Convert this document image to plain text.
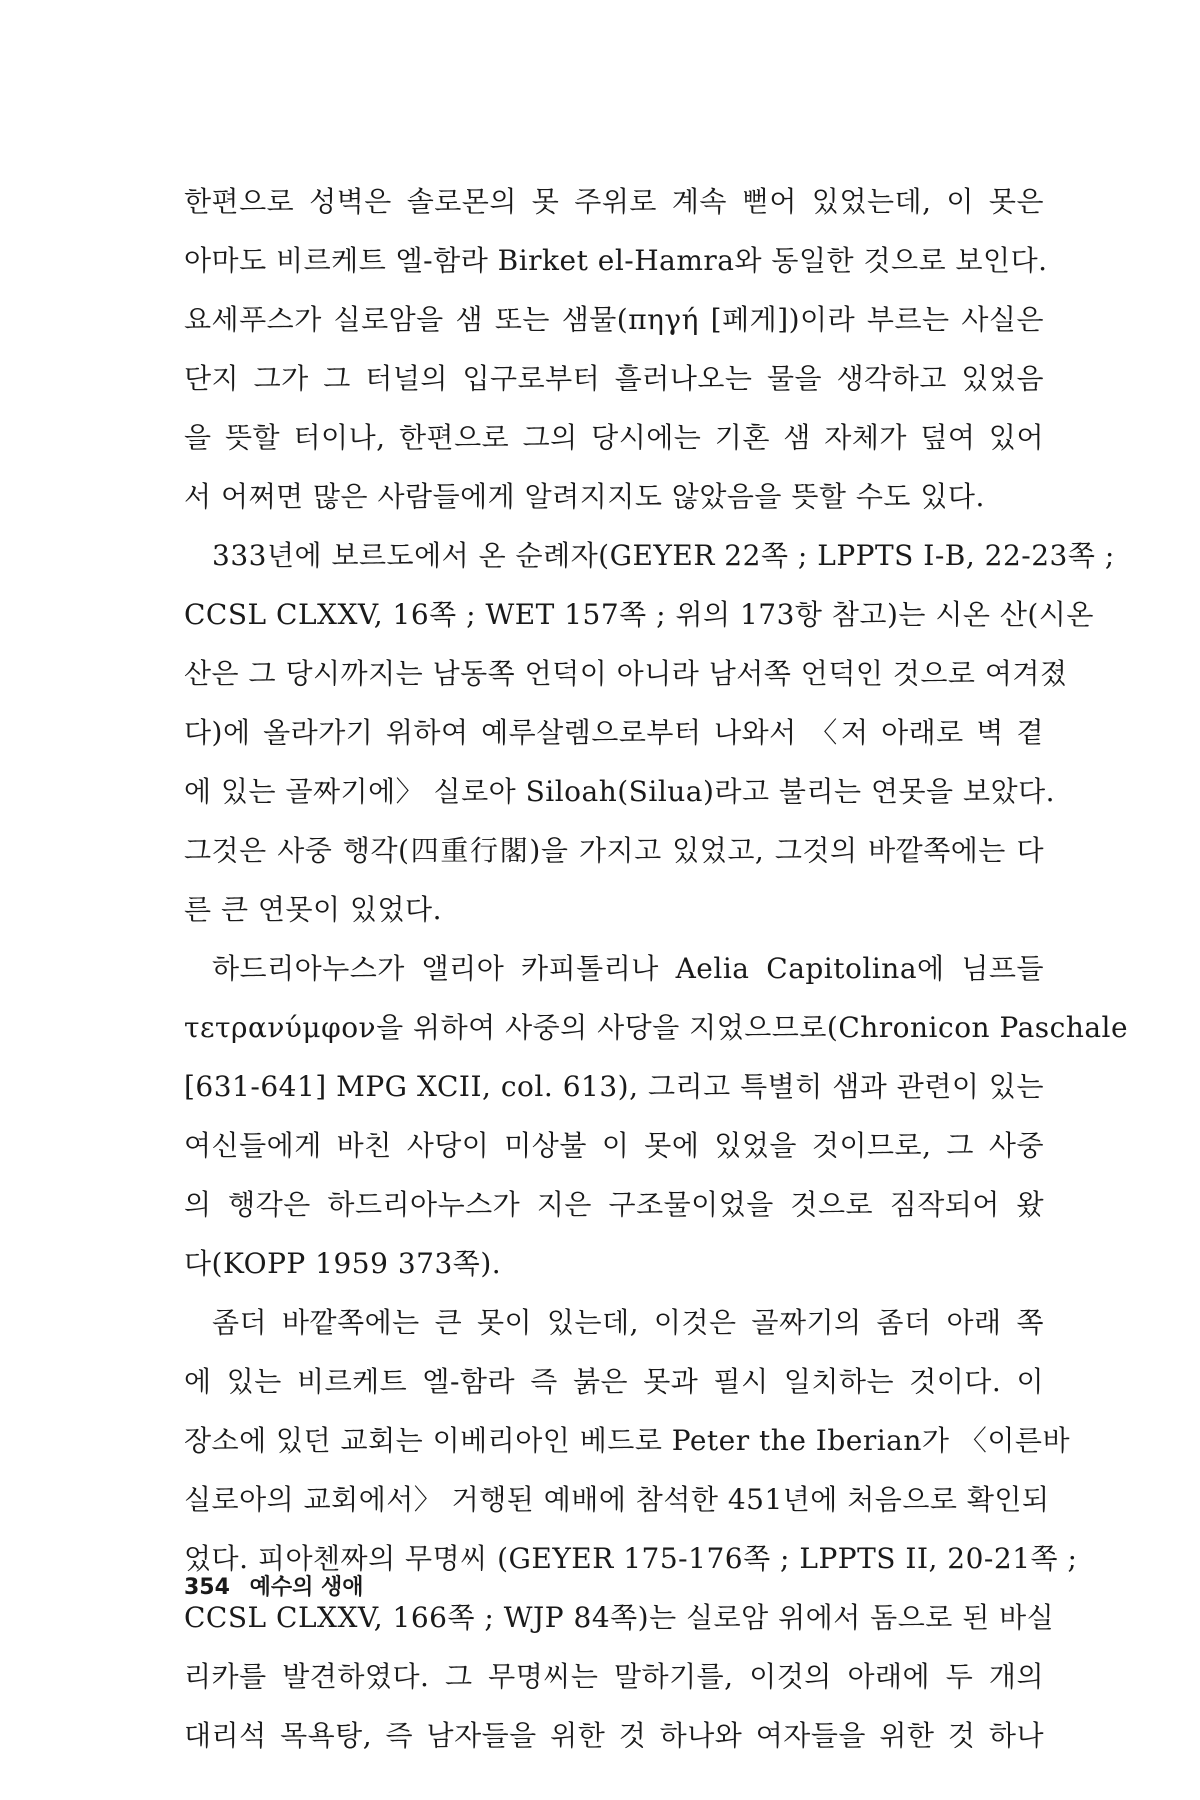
한편으로 성벽은 솔로몬의 못 주위로 계속 뻗어 있었는데, 이 못은
아마도 비르케트 엘-함라 Birket el-Hamra와 동일한 것으로 보인다.
요세푸스가 실로암을 샘 또는 샘물(πηγή [페게])이라 부르는 사실은
단지 그가 그 터널의 입구로부터 흘러나오는 물을 생각하고 있었음
을 뜻할 터이나, 한편으로 그의 당시에는 기혼 샘 자체가 덮여 있어
서 어쩌면 많은 사람들에게 알려지지도 않았음을 뜻할 수도 있다.
333년에 보르도에서 온 순례자(GEYER 22쪽 ; LPPTS I-B, 22-23쪽 ;
CCSL CLXXV, 16쪽 ; WET 157쪽 ; 위의 173항 참고)는 시온 산(시온
산은 그 당시까지는 남동쪽 언덕이 아니라 남서쪽 언덕인 것으로 여겨졌
다)에 올라가기 위하여 예루살렘으로부터 나와서 〈저 아래로 벽 곁
에 있는 골짜기에〉 실로아 Siloah(Silua)라고 불리는 연못을 보았다.
그것은 사중 행각(四重行閣)을 가지고 있었고, 그것의 바깥쪽에는 다
른 큰 연못이 있었다.
하드리아누스가 앨리아 카피톨리나 Aelia Capitolina에 님프들
τετρανύμφον을 위하여 사중의 사당을 지었으므로(Chronicon Paschale
[631-641] MPG XCII, col. 613), 그리고 특별히 샘과 관련이 있는
여신들에게 바친 사당이 미상불 이 못에 있었을 것이므로, 그 사중
의 행각은 하드리아누스가 지은 구조물이었을 것으로 짐작되어 왔
다(KOPP 1959 373쪽).
좀더 바깥쪽에는 큰 못이 있는데, 이것은 골짜기의 좀더 아래 쪽
에 있는 비르케트 엘-함라 즉 붉은 못과 필시 일치하는 것이다. 이
장소에 있던 교회는 이베리아인 베드로 Peter the Iberian가 〈이른바
실로아의 교회에서〉 거행된 예배에 참석한 451년에 처음으로 확인되
었다. 피아첸짜의 무명씨 (GEYER 175-176쪽 ; LPPTS II, 20-21쪽 ;
CCSL CLXXV, 166쪽 ; WJP 84쪽)는 실로암 위에서 돔으로 된 바실
리카를 발견하였다. 그 무명씨는 말하기를, 이것의 아래에 두 개의
대리석 목욕탕, 즉 남자들을 위한 것 하나와 여자들을 위한 것 하나
354 예수의 생애
